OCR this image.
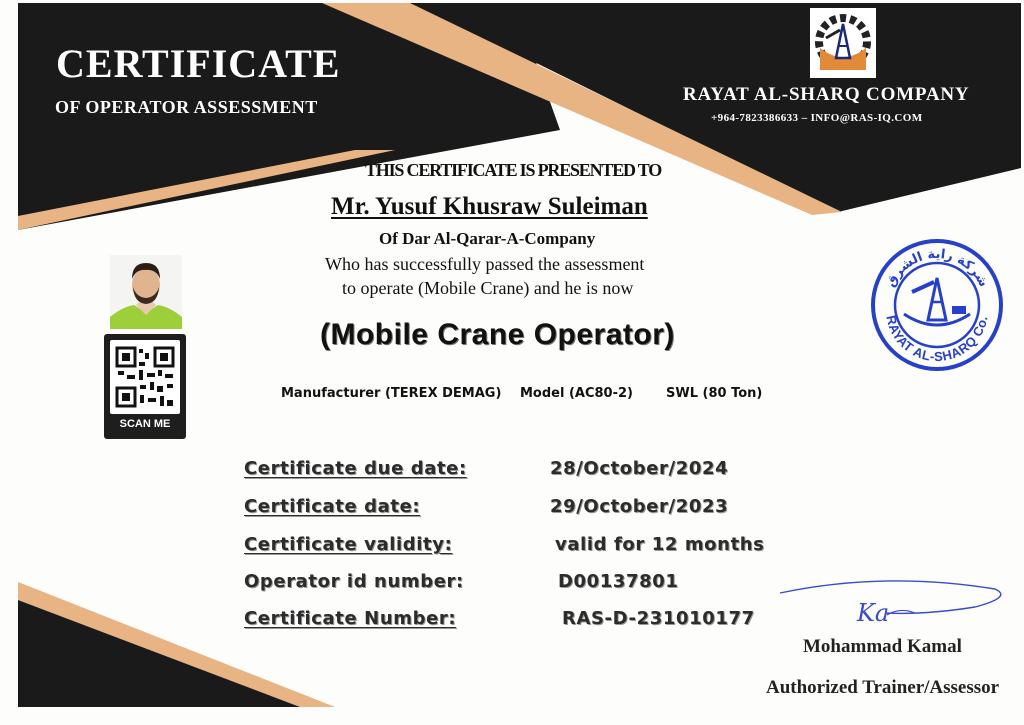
CERTIFICATE
OF OPERATOR ASSESSMENT
RAYAT AL-SHARQ COMPANY
+964-7823386633 – INFO@RAS-IQ.COM
THIS CERTIFICATE IS PRESENTED TO
Mr. Yusuf Khusraw Suleiman
Of Dar Al-Qarar-A-Company
Who has successfully passed the assessment
to operate (Mobile Crane) and he is now
(Mobile Crane Operator)
SCAN ME
Manufacturer (TEREX DEMAG) Model (AC80-2)	SWL (80 Ton)
Certificate due date:	28/October/2024
Certificate date:	29/October/2023
Certificate validity:	valid for 12 months
Operator id number:	D00137801
Certificate Number:	RAS-D-231010177
شركة راية الشرق
RAYAT AL-SHARQ Co.
Ka
Mohammad Kamal
Authorized Trainer/Assessor
